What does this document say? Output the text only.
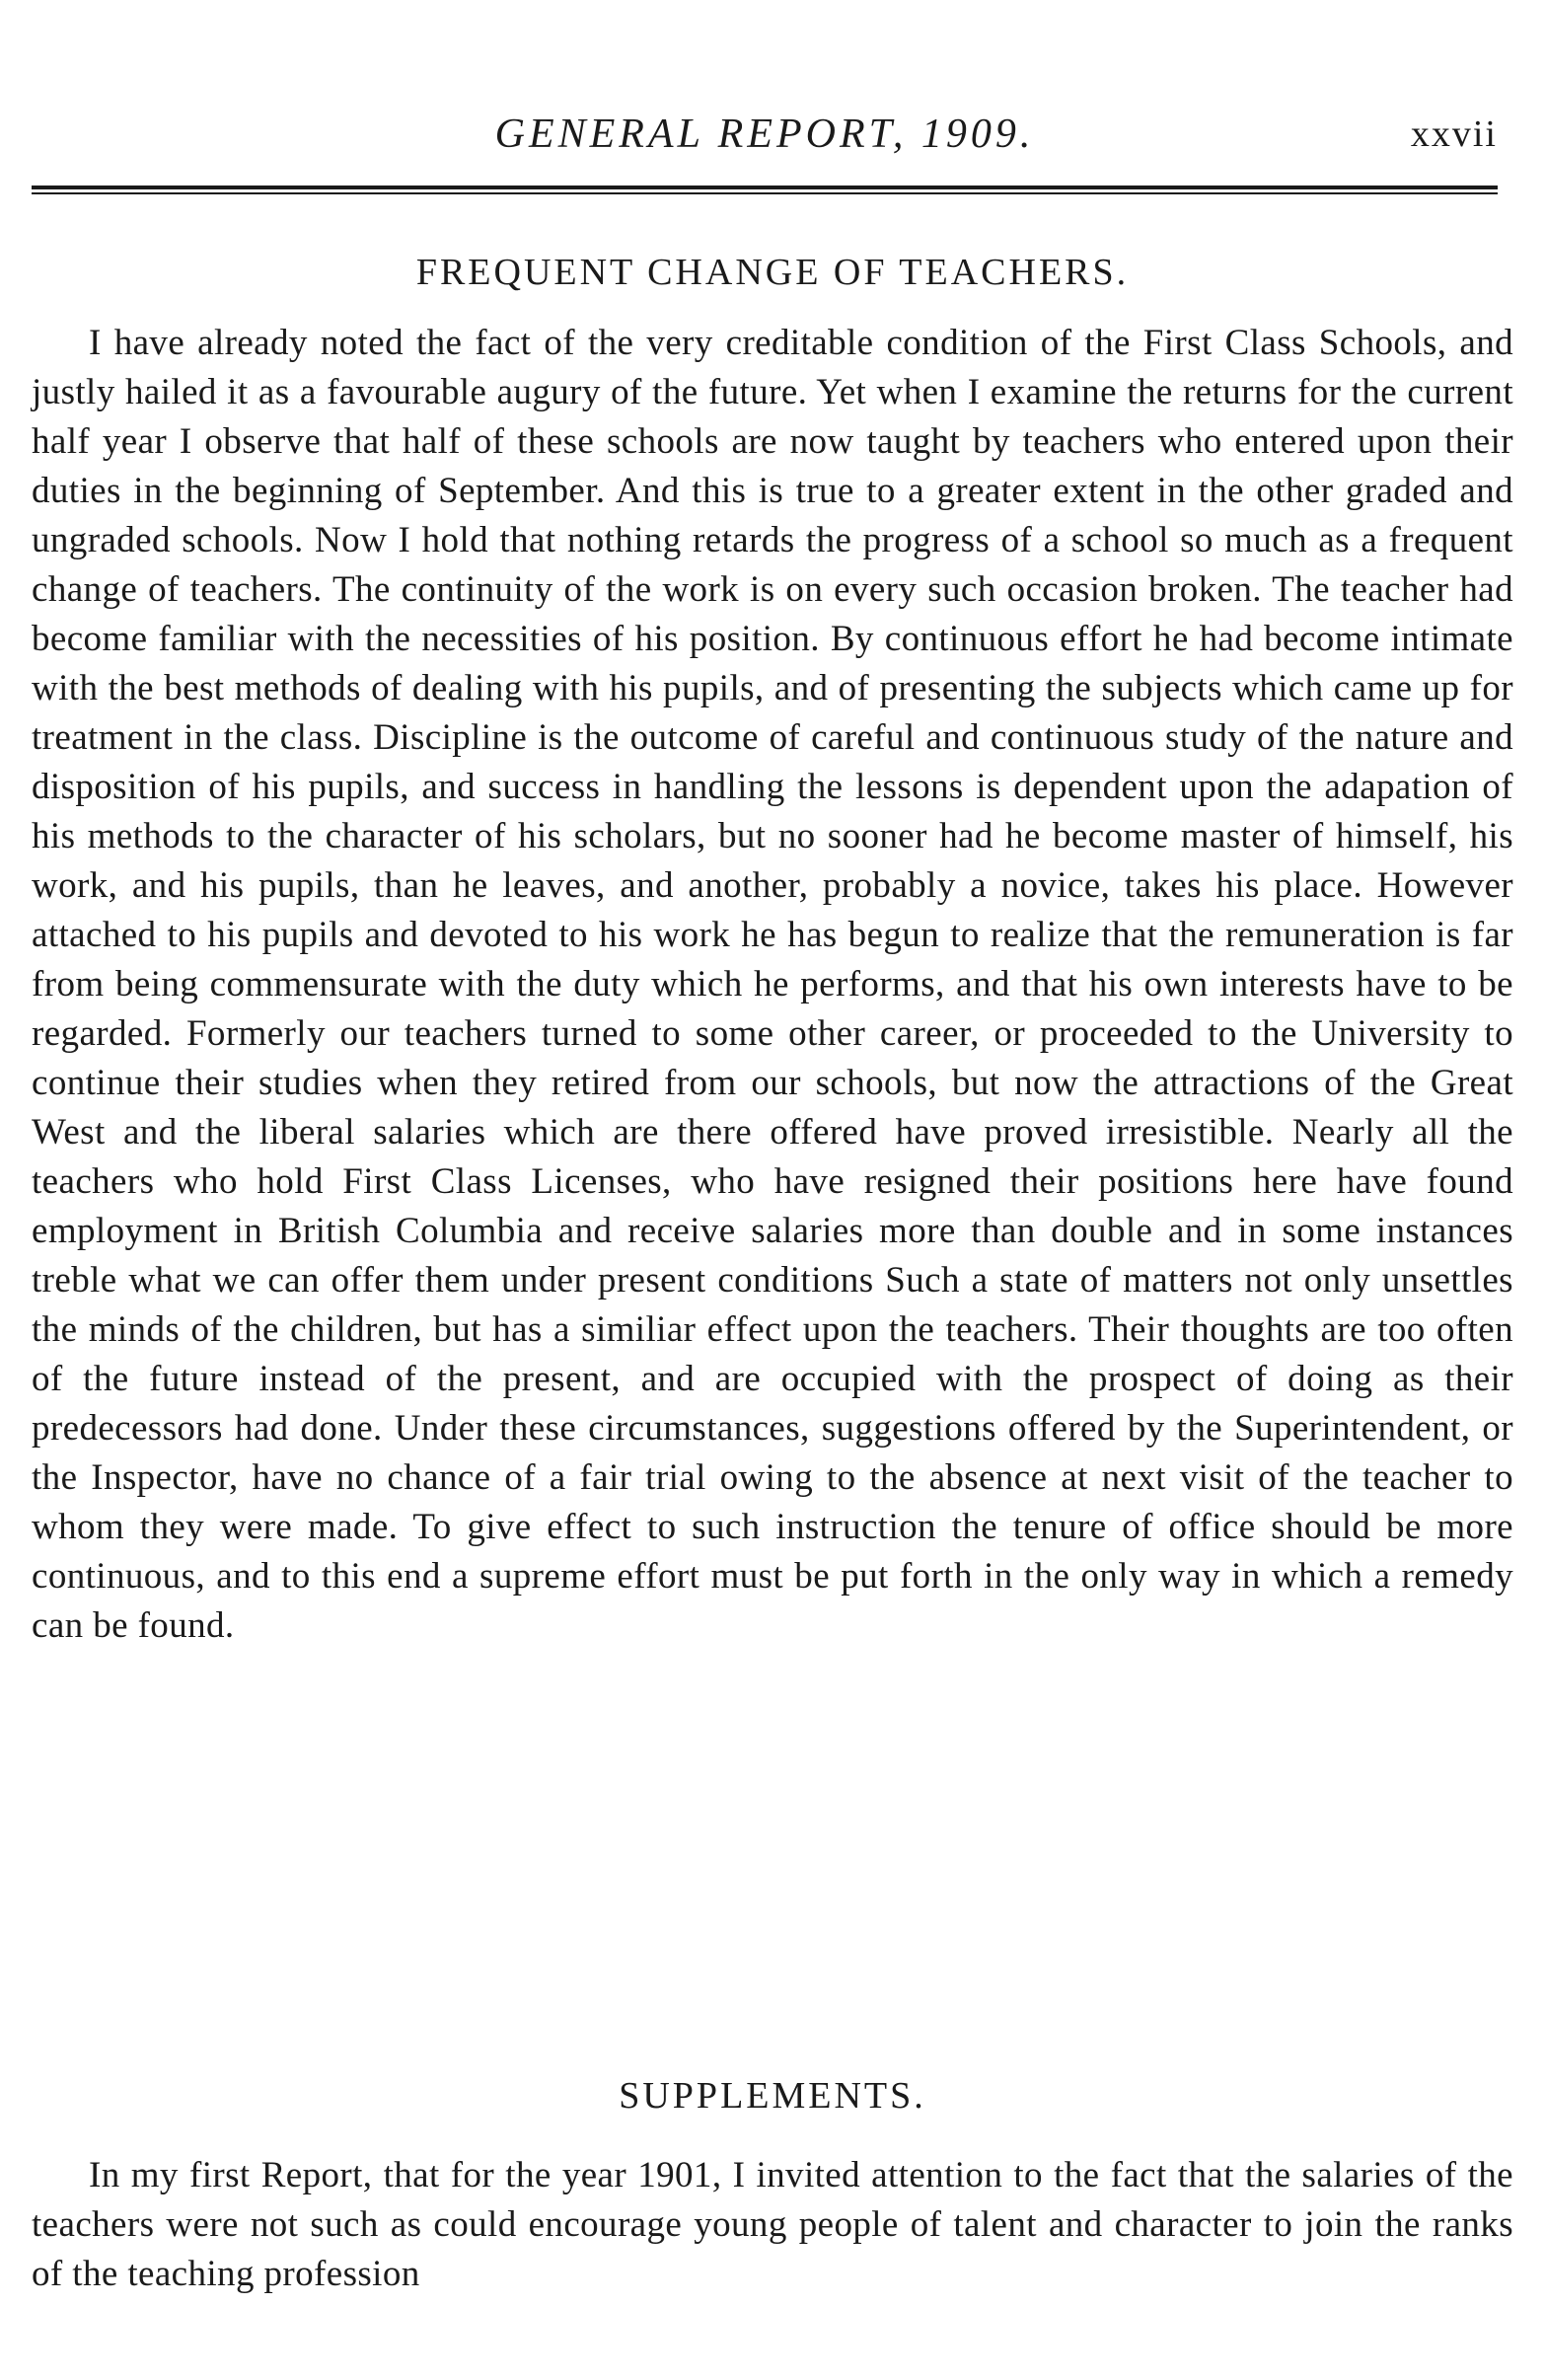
GENERAL REPORT, 1909.	xxvii
FREQUENT CHANGE OF TEACHERS.

I have already noted the fact of the very creditable condition of the First Class Schools, and justly hailed it as a favourable augury of the future. Yet when I examine the returns for the current half year I observe that half of these schools are now taught by teachers who entered upon their duties in the beginning of September. And this is true to a greater extent in the other graded and ungraded schools. Now I hold that nothing retards the progress of a school so much as a frequent change of teachers. The continuity of the work is on every such occasion broken. The teacher had become familiar with the necessities of his position. By continuous effort he had become intimate with the best methods of dealing with his pupils, and of presenting the subjects which came up for treatment in the class. Discipline is the outcome of careful and continuous study of the nature and disposition of his pupils, and success in handling the lessons is dependent upon the adapation of his methods to the character of his scholars, but no sooner had he become master of himself, his work, and his pupils, than he leaves, and another, probably a novice, takes his place. However attached to his pupils and devoted to his work he has begun to realize that the remuneration is far from being commensurate with the duty which he performs, and that his own interests have to be regarded. Formerly our teachers turned to some other career, or proceeded to the University to continue their studies when they retired from our schools, but now the attractions of the Great West and the liberal salaries which are there offered have proved irresistible. Nearly all the teachers who hold First Class Licenses, who have resigned their positions here have found employment in British Columbia and receive salaries more than double and in some instances treble what we can offer them under present conditions Such a state of matters not only unsettles the minds of the children, but has a similiar effect upon the teachers. Their thoughts are too often of the future instead of the present, and are occupied with the prospect of doing as their predecessors had done. Under these circumstances, suggestions offered by the Superintendent, or the Inspector, have no chance of a fair trial owing to the absence at next visit of the teacher to whom they were made. To give effect to such instruction the tenure of office should be more continuous, and to this end a supreme effort must be put forth in the only way in which a remedy can be found.

SUPPLEMENTS.

In my first Report, that for the year 1901, I invited attention to the fact that the salaries of the teachers were not such as could encourage young people of talent and character to join the ranks of the teaching profession
